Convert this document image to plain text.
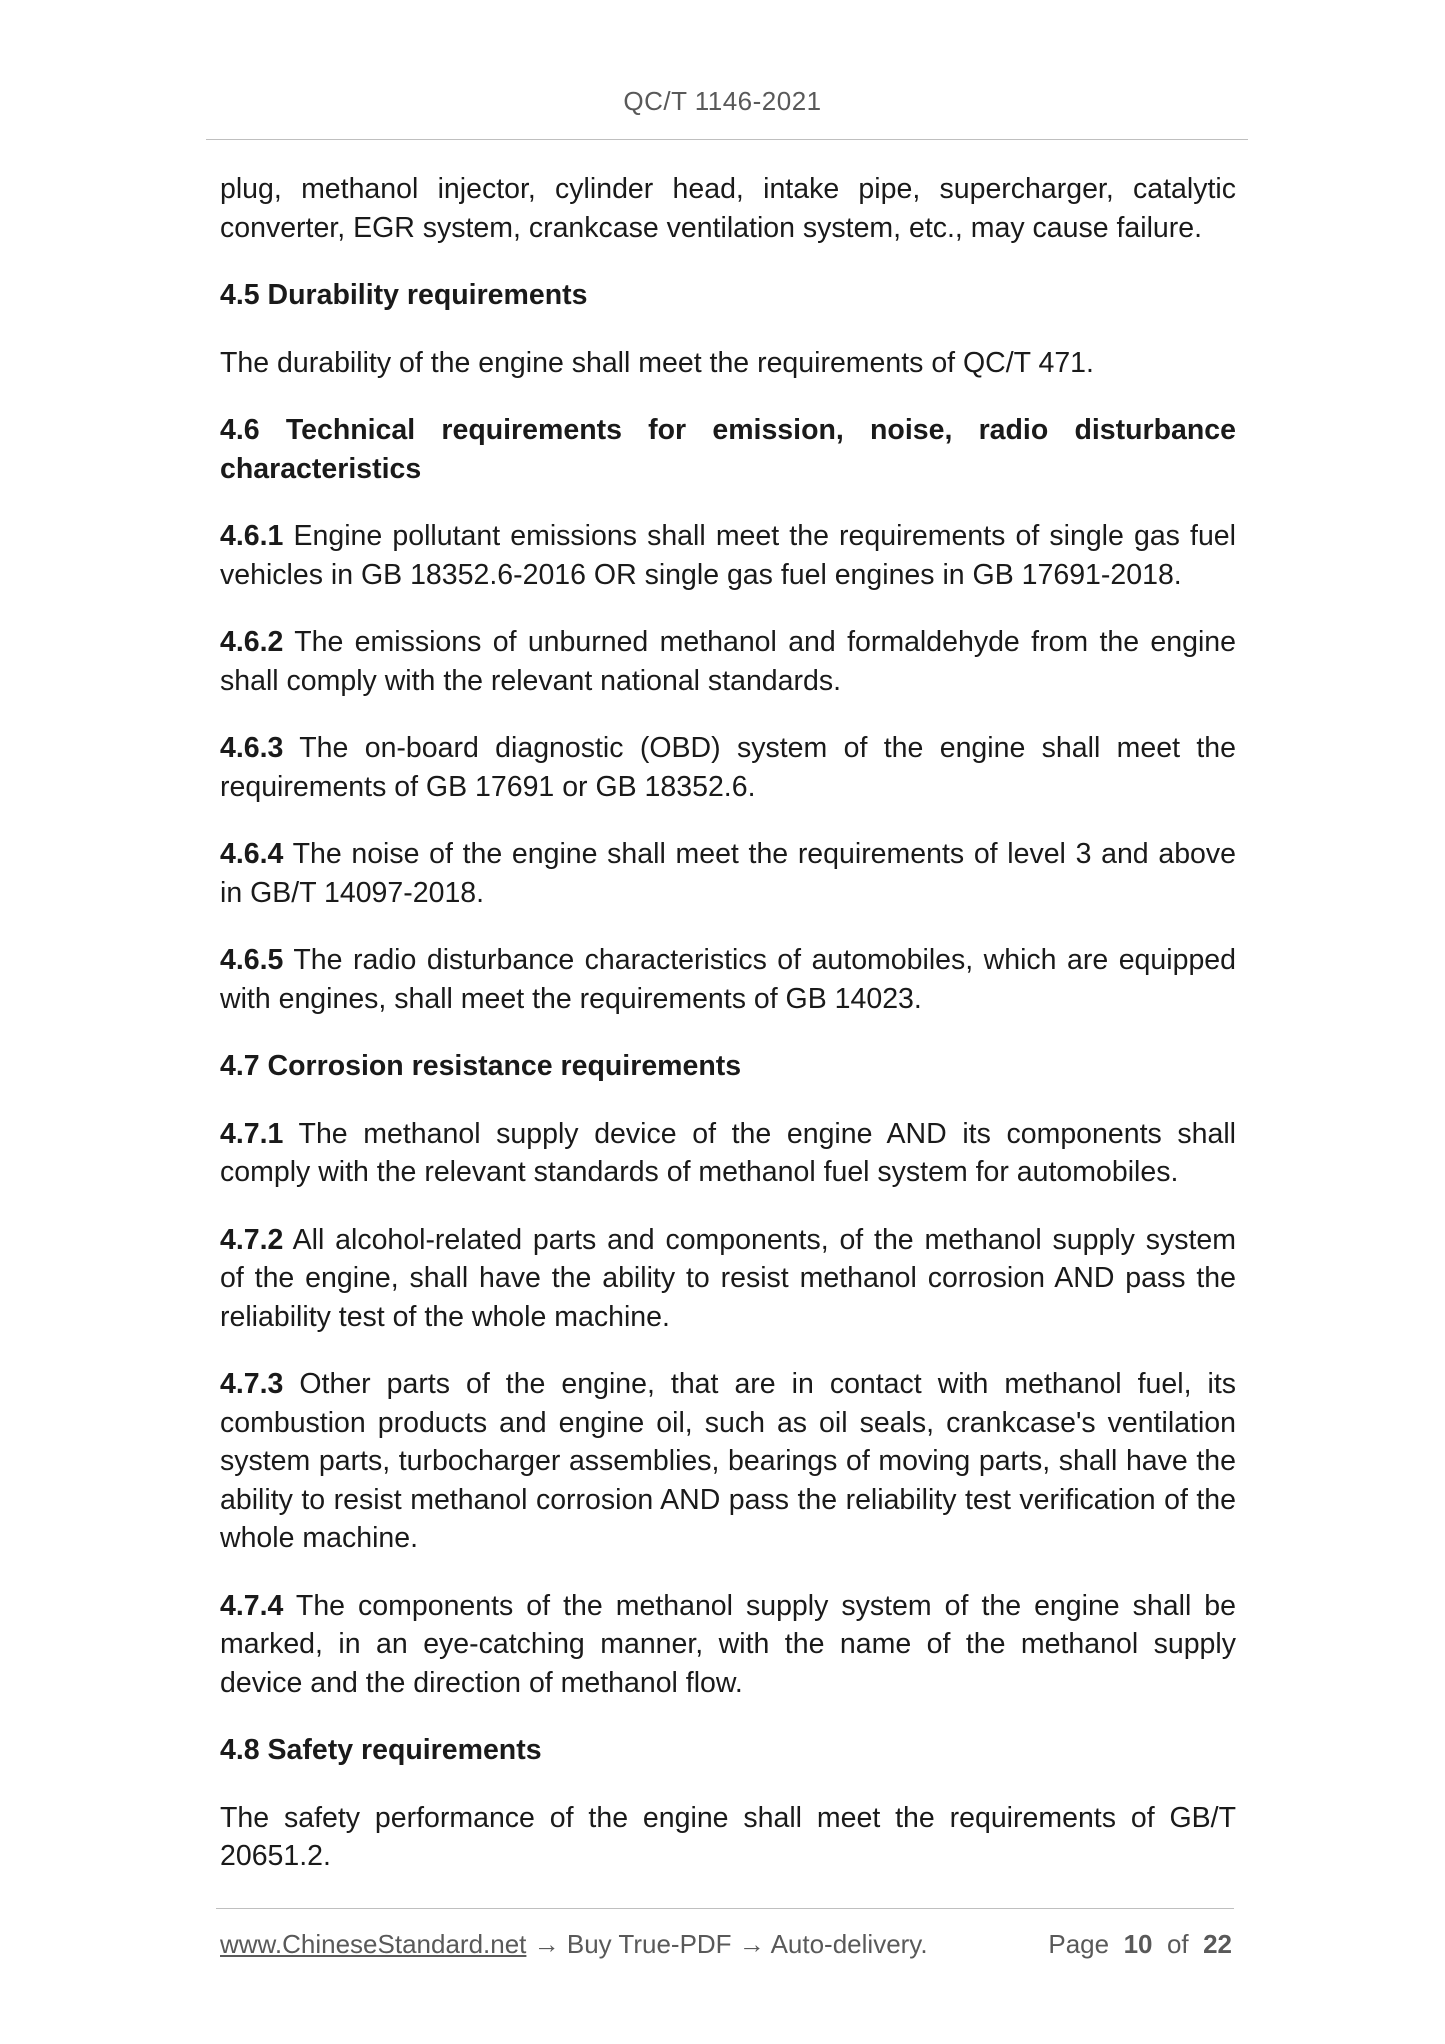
QC/T 1146-2021

plug, methanol injector, cylinder head, intake pipe, supercharger, catalytic converter, EGR system, crankcase ventilation system, etc., may cause failure.

4.5 Durability requirements

The durability of the engine shall meet the requirements of QC/T 471.

4.6 Technical requirements for emission, noise, radio disturbance characteristics

4.6.1 Engine pollutant emissions shall meet the requirements of single gas fuel vehicles in GB 18352.6-2016 OR single gas fuel engines in GB 17691-2018.

4.6.2 The emissions of unburned methanol and formaldehyde from the engine shall comply with the relevant national standards.

4.6.3 The on-board diagnostic (OBD) system of the engine shall meet the requirements of GB 17691 or GB 18352.6.

4.6.4 The noise of the engine shall meet the requirements of level 3 and above in GB/T 14097-2018.

4.6.5 The radio disturbance characteristics of automobiles, which are equipped with engines, shall meet the requirements of GB 14023.

4.7 Corrosion resistance requirements

4.7.1 The methanol supply device of the engine AND its components shall comply with the relevant standards of methanol fuel system for automobiles.

4.7.2 All alcohol-related parts and components, of the methanol supply system of the engine, shall have the ability to resist methanol corrosion AND pass the reliability test of the whole machine.

4.7.3 Other parts of the engine, that are in contact with methanol fuel, its combustion products and engine oil, such as oil seals, crankcase's ventilation system parts, turbocharger assemblies, bearings of moving parts, shall have the ability to resist methanol corrosion AND pass the reliability test verification of the whole machine.

4.7.4 The components of the methanol supply system of the engine shall be marked, in an eye-catching manner, with the name of the methanol supply device and the direction of methanol flow.

4.8 Safety requirements

The safety performance of the engine shall meet the requirements of GB/T 20651.2.

www.ChineseStandard.net → Buy True-PDF → Auto-delivery.	Page 10 of 22
